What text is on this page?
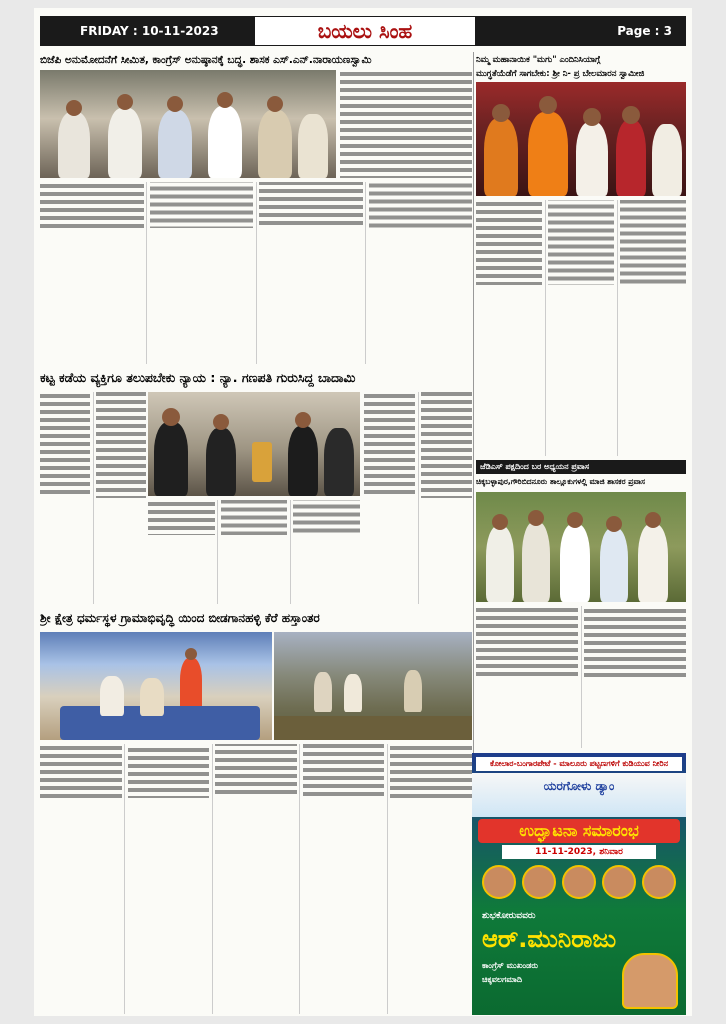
FRIDAY : 10-11-2023	ಬಯಲು ಸಿಂಹ	Page : 3
ಬಿಜೆಪಿ ಅನುಮೋದನೆಗೆ ಸೀಮಿತ, ಕಾಂಗ್ರೆಸ್ ಅನುಷ್ಠಾನಕ್ಕೆ ಬದ್ಧ. ಶಾಸಕ ಎಸ್.ಎನ್.ನಾರಾಯಣಸ್ವಾಮಿ	ನಿಮ್ಮ ಮಹಾನಾಯಿಕ "ಮಗು" ಎಂದಿನಿಸಿಯಾಗ್ಗೆ
ಮುಗ್ಧತೆಯೆಡೆಗೆ ಸಾಗಬೇಕು: ಶ್ರೀ ನಿ- ಪ್ರ ಬೇಲಮಾರನ ಸ್ವಾಮೀಜಿ
ಕಟ್ಟ ಕಡೆಯ ವ್ಯಕ್ತಿಗೂ ತಲುಪಬೇಕು ನ್ಯಾಯ : ನ್ಯಾ. ಗಣಪತಿ ಗುರುಸಿದ್ದ ಬಾದಾಮಿ
ಜೆಡಿಎಸ್ ಪಕ್ಷದಿಂದ ಬರ ಅಧ್ಯಯನ ಪ್ರವಾಸ
ಚಿಕ್ಕಬಳ್ಳಾಪುರ,ಗೌರಿಬಿದನೂರು ತಾಲ್ಲೂಕುಗಳಲ್ಲಿ ಮಾಜಿ ಶಾಸಕರ ಪ್ರವಾಸ
ಶ್ರೀ ಕ್ಷೇತ್ರ ಧರ್ಮಸ್ಥಳ ಗ್ರಾಮಾಭಿವೃದ್ಧಿ ಯಿಂದ ಬೀಡಗಾನಹಳ್ಳಿ ಕೆರೆ ಹಸ್ತಾಂತರ
ಕೋಲಾರ-ಬಂಗಾರಪೇಟೆ - ಮಾಲೂರು ಪಟ್ಟಣಗಳಿಗೆ ಕುಡಿಯುವ ನೀರಿನ
ಯರಗೋಳು ಡ್ಯಾಂ
ಉದ್ಘಾಟನಾ ಸಮಾರಂಭ
11-11-2023, ಶನಿವಾರ
ಶುಭಕೋರುವವರು
ಆರ್.ಮುನಿರಾಜು
ಕಾಂಗ್ರೆಸ್ ಮುಖಂಡರು
ಚಿಕ್ಕವಲಗಮಾದಿ
